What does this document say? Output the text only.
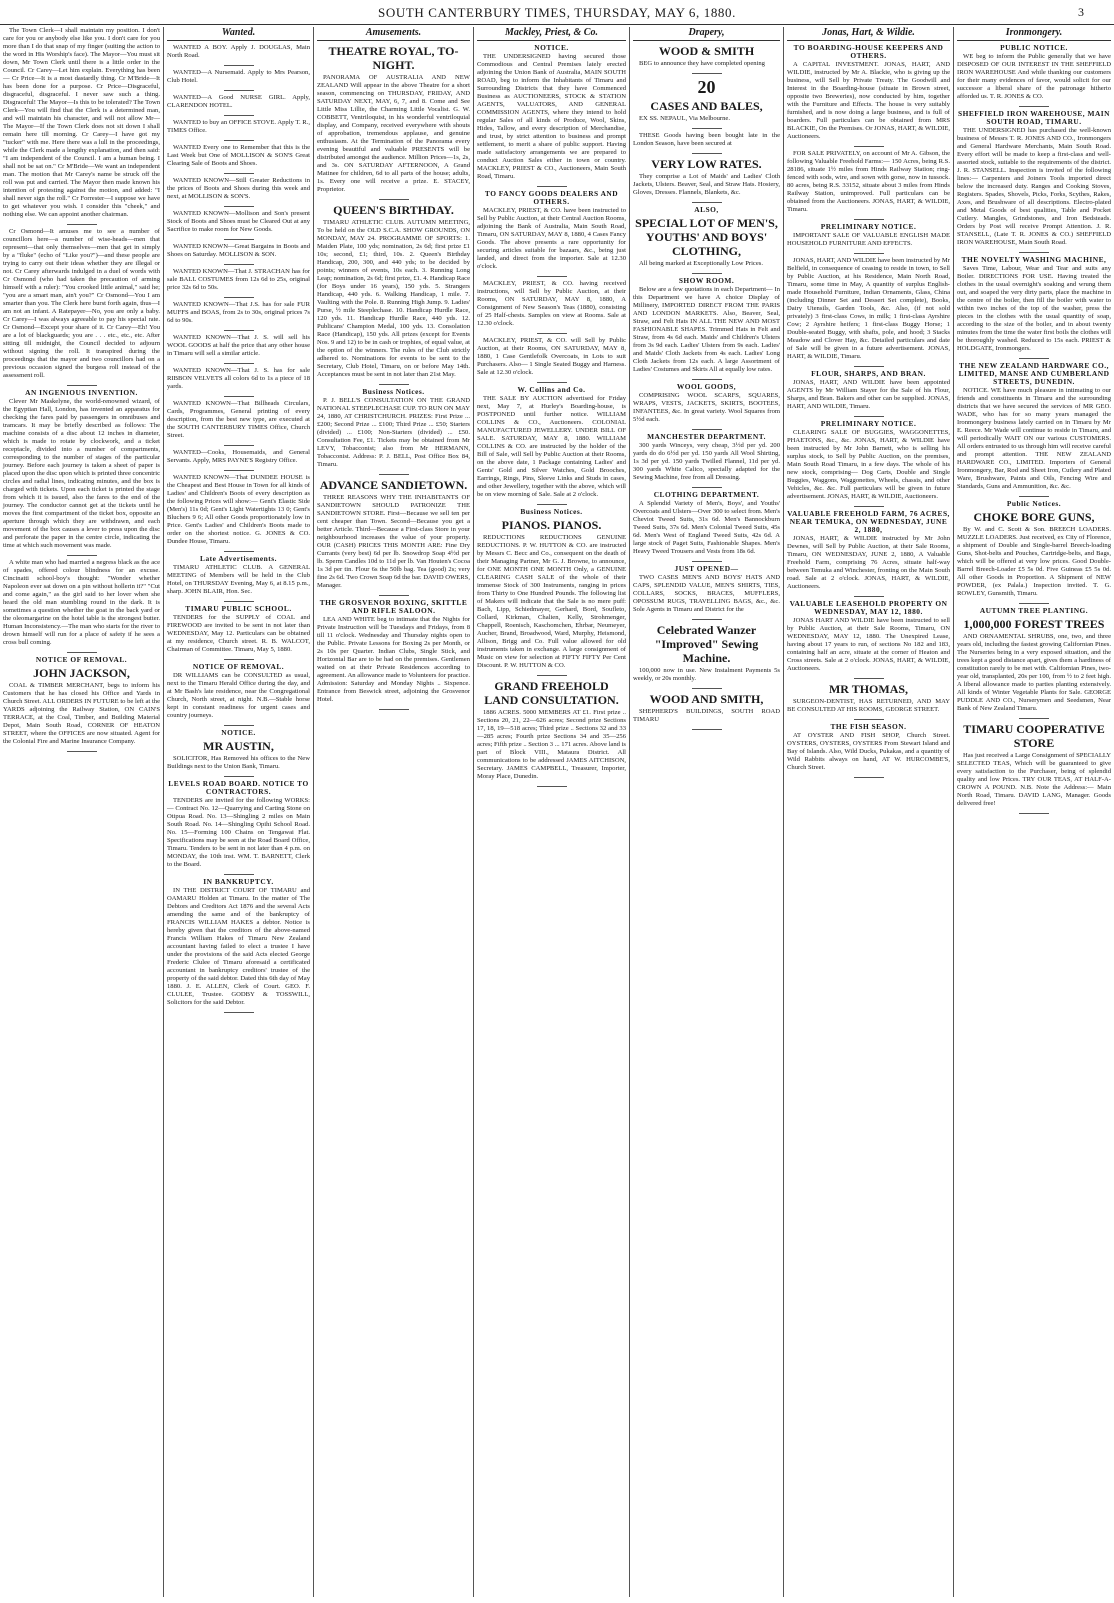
SOUTH CANTERBURY TIMES, THURSDAY, MAY 6, 1880.	3
The Town Clerk—I shall maintain my position. I don't care for you or anybody else like you. I don't care for you more than I do that snap of my finger (suiting the action to the word in His Worship's face). The Mayor—You must sit down, Mr Town Clerk until there is a little order in the Council. Cr Carey—Let him explain. Everything has been— Cr Price—It is a most dastardly thing. Cr M'Bride—It has been done for a purpose. Cr Price—Disgraceful, disgraceful, disgraceful. I never saw such a thing. Disgraceful! The Mayor—Is this to be tolerated? The Town Clerk—You will find that the Clerk is a determined man, and will maintain his character, and will not allow Mr— The Mayor—If the Town Clerk does not sit down I shall remain here till morning. Cr Carey—I have got my "tucker" with me. Here there was a lull in the proceedings, while the Clerk made a lengthy explanation, and then said: "I am independent of the Council. I am a human being. I shall not be sat on." Cr M'Bride—We want an independent man. The motion that Mr Carey's name be struck off the roll was put and carried. The Mayor then made known his intention of protesting against the motion, and added: "I shall never sign the roll." Cr Forrester—I suppose we have to get whatever you wish. I consider this "cheek," and nothing else. We can appoint another chairman.
Cr Osmond—It amuses me to see a number of councillors here—a number of wise-heads—men that represent—that only themselves—men that get in simply by a "fluke" (echo of "Like you?")—and these people are trying to carry out their ideas whether they are illegal or not. Cr Carey afterwards indulged in a duel of words with Cr Osmond (who had taken the precaution of arming himself with a ruler): "You crooked little animal," said he; "you are a smart man, ain't you?" Cr Osmond—You I am smarter than you. The Clerk here burst forth again, thus—I am not an infant. A Ratepayer—No, you are only a baby. Cr Carey—I was always agreeable to pay his special rate. Cr Osmond—Except your share of it. Cr Carey—Eh! You are a lot of blackguards; you are . . . etc., etc., etc. After sitting till midnight, the Council decided to adjourn without signing the roll. It transpired during the proceedings that the mayor and two councillors had on a previous occasion signed the burgess roll instead of the assessment roll.
AN INGENIOUS INVENTION.
Clever Mr Maskelyne, the world-renowned wizard, of the Egyptian Hall, London, has invented an apparatus for checking the fares paid by passengers in omnibuses and tramcars. It may be briefly described as follows: The machine consists of a disc about 12 inches in diameter, which is made to rotate by clockwork, and a ticket receptacle, divided into a number of compartments, corresponding to the number of stages of the particular journey. Before each journey is taken a sheet of paper is placed upon the disc upon which is printed three concentric circles and radial lines, indicating minutes, and the box is charged with tickets. Upon each ticket is printed the stage from which it is issued, also the fares to the end of the journey. The conductor cannot get at the tickets until he moves the first compartment of the ticket box, opposite an aperture through which they are withdrawn, and each movement of the box causes a lever to press upon the disc and perforate the paper in the centre circle, indicating the time at which such movement was made.
A white man who had married a negress black as the ace of spades, offered colour blindness for an excuse. Cincinatti school-boy's thought: "Wonder whether Napoleon ever sat down on a pin without hollerin it?" "Cut and come again," as the girl said to her lover when she heard the old man stumbling round in the dark. It is sometimes a question whether the goat in the back yard or the oleomargarine on the hotel table is the strongest butter. Human Inconsistency.—The man who starts for the river to drown himself will run for a place of safety if he sees a cross bull coming.
NOTICE OF REMOVAL.
JOHN JACKSON,
COAL & TIMBER MERCHANT, begs to inform his Customers that he has closed his Office and Yards in Church Street. ALL ORDERS IN FUTURE to be left at the YARDS adjoining the Railway Station, ON CAIN'S TERRACE, at the Coal, Timber, and Building Material Depot, Main South Road, CORNER OF HEATON STREET, where the OFFICES are now situated. Agent for the Colonial Fire and Marine Insurance Company.
Wanted.
WANTED A BOY. Apply J. DOUGLAS, Main North Road.
WANTED—A Nursemaid. Apply to Mrs Pearson, Club Hotel.
WANTED—A Good NURSE GIRL. Apply, CLARENDON HOTEL.
WANTED to buy an OFFICE STOVE. Apply T. R., TIMES Office.
WANTED Every one to Remember that this is the Last Week but One of MOLLISON & SON'S Great Clearing Sale of Boots and Shoes.
WANTED KNOWN—Still Greater Reductions in the prices of Boots and Shoes during this week and next, at MOLLISON & SON'S.
WANTED KNOWN—Mollison and Son's present Stock of Boots and Shoes must be Cleared Out at any Sacrifice to make room for New Goods.
WANTED KNOWN—Great Bargains in Boots and Shoes on Saturday. MOLLISON & SON.
WANTED KNOWN—That J. STRACHAN has for sale BALL COSTUMES from 12s 6d to 25s, original price 32s 6d to 50s.
WANTED KNOWN—That J.S. has for sale FUR MUFFS and BOAS, from 2s to 30s, original prices 7s 6d to 90s.
WANTED KNOWN—That J. S. will sell his WOOL GOODS at half the price that any other house in Timaru will sell a similar article.
WANTED KNOWN—That J. S. has for sale RIBBON VELVETS all colors 6d to 1s a piece of 18 yards.
WANTED KNOWN—That Billheads Circulars, Cards, Programmes, General printing of every description, from the best new type, are executed at the SOUTH CANTERBURY TIMES Office, Church Street.
WANTED—Cooks, Housemaids, and General Servants. Apply, MRS PAYNE'S Registry Office.
WANTED KNOWN—That DUNDEE HOUSE is the Cheapest and Best House in Town for all kinds of Ladies' and Children's Boots of every description as the following Prices will show:— Gent's Elastic Side (Men's) 11s 0d; Gent's Light Watertights 13 0; Gent's Bluchers 9 6; All other Goods proportionately low in Price. Gent's Ladies' and Children's Boots made to order on the shortest notice. G. JONES & CO. Dundee House, Timaru.
Late Advertisements.
TIMARU ATHLETIC CLUB. A GENERAL MEETING of Members will be held in the Club Hotel, on THURSDAY Evening, May 6, at 8.15 p.m., sharp. JOHN BLAIR, Hon. Sec.
TIMARU PUBLIC SCHOOL.
TENDERS for the SUPPLY of COAL and FIREWOOD are invited to be sent in not later than WEDNESDAY, May 12. Particulars can be obtained at my residence, Church street. R. B. WALCOT, Chairman of Committee. Timaru, May 5, 1880.
NOTICE OF REMOVAL.
DR WILLIAMS can be CONSULTED as usual, next to the Timaru Herald Office during the day, and at Mr Bash's late residence, near the Congregational Church, North street, at night. N.B.—Stable horse kept in constant readiness for urgent cases and country journeys.
NOTICE.
MR AUSTIN,
SOLICITOR, Has Removed his offices to the New Buildings next to the Union Bank, Timaru.
LEVELS ROAD BOARD. NOTICE TO CONTRACTORS.
TENDERS are invited for the following WORKS:— Contract No. 12—Quarrying and Carting Stone on Otipua Road. No. 13—Shingling 2 miles on Main South Road. No. 14—Shingling Opihi School Road. No. 15—Forming 100 Chains on Tengawai Flat. Specifications may be seen at the Road Board Office, Timaru. Tenders to be sent in not later than 4 p.m. on MONDAY, the 10th inst. WM. T. BARNETT, Clerk to the Board.
IN BANKRUPTCY.
IN THE DISTRICT COURT OF TIMARU and OAMARU Holden at Timaru. In the matter of The Debtors and Creditors Act 1876 and the several Acts amending the same and of the bankruptcy of FRANCIS WILLIAM HAKES a debtor. Notice is hereby given that the creditors of the above-named Francis William Hakes of Timaru New Zealand accountant having failed to elect a trustee I have under the provisions of the said Acts elected George Frederic Clulee of Timaru aforesaid a certificated accountant in bankruptcy creditors' trustee of the property of the said debtor. Dated this 6th day of May 1880. J. E. ALLEN, Clerk of Court. GEO. F. CLULEE, Trustee. GODBY & TOSSWILL, Solicitors for the said Debtor.
Amusements.
THEATRE ROYAL, TO-NIGHT.
PANORAMA OF AUSTRALIA AND NEW ZEALAND Will appear in the above Theatre for a short season, commencing on THURSDAY, FRIDAY, AND SATURDAY NEXT, MAY, 6, 7, and 8. Come and See Little Miss Lillie, the Charming Little Vocalist. G. W. COBBETT, Ventriloquist, in his wonderful ventriloquial display, and Company, received everywhere with shouts of approbation, tremendous applause, and genuine enthusiasm. At the Termination of the Panorama every evening beautiful and valuable PRESENTS will be distributed amongst the audience. Million Prices—1s, 2s, and 3s. ON SATURDAY AFTERNOON, A Grand Matinee for children, 6d to all parts of the house; adults, 1s. Every one will receive a prize. E. STACEY, Proprietor.
QUEEN'S BIRTHDAY.
TIMARU ATHLETIC CLUB. AUTUMN MEETING, To be held on the OLD S.C.A. SHOW GROUNDS, ON MONDAY, MAY 24. PROGRAMME OF SPORTS: 1. Maiden Plate, 100 yds; nomination, 2s 6d; first prize £1 10s; second, £1; third, 10s. 2. Queen's Birthday Handicap, 200, 300, and 440 yds; to be decided by points; winners of events, 10s each. 3. Running Long Leap; nomination, 2s 6d; first prize, £1. 4. Handicap Race (for Boys under 16 years), 150 yds. 5. Strangers Handicap, 440 yds. 6. Walking Handicap, 1 mile. 7. Vaulting with the Pole. 8. Running High Jump. 9. Ladies' Purse, ½ mile Steeplechase. 10. Handicap Hurdle Race, 120 yds. 11. Handicap Hurdle Race, 440 yds. 12. Publicans' Champion Medal, 100 yds. 13. Consolation Race (Handicap), 150 yds. All prizes (except for Events Nos. 9 and 12) to be in cash or trophies, of equal value, at the option of the winners. The rules of the Club strictly adhered to. Nominations for events to be sent to the Secretary, Club Hotel, Timaru, on or before May 14th. Acceptances must be sent in not later than 21st May.
Business Notices.
P. J. BELL'S CONSULTATION ON THE GRAND NATIONAL STEEPLECHASE CUP. TO RUN ON MAY 24, 1880, AT CHRISTCHURCH. PRIZES: First Prize ... £200; Second Prize ... £100; Third Prize ... £50; Starters (divided) ... £100; Non-Starters (divided) ... £50. Consultation Fee, £1. Tickets may be obtained from Mr LEVY, Tobacconist; also from Mr HERMANN, Tobacconist. Address: P. J. BELL, Post Office Box 84, Timaru.
ADVANCE SANDIETOWN.
THREE REASONS WHY THE INHABITANTS OF SANDIETOWN SHOULD PATRONIZE THE SANDIETOWN STORE. First—Because we sell ten per cent cheaper than Town. Second—Because you get a better Article. Third—Because a First-class Store in your neighbourhood increases the value of your property. OUR (CASH) PRICES THIS MONTH ARE: Fine Dry Currants (very best) 6d per lb. Snowdrop Soap 4½d per lb. Sperm Candles 10d to 11d per lb. Van Houten's Cocoa 1s 3d per tin. Flour 6s the 50lb bag. Tea (good) 2s; very fine 2s 6d. Two Crown Soap 6d the bar. DAVID OWERS, Manager.
THE GROSVENOR BOXING, SKITTLE AND RIFLE SALOON.
LEA AND WHITE beg to intimate that the Nights for Private Instruction will be Tuesdays and Fridays, from 8 till 11 o'clock. Wednesday and Thursday nights open to the Public. Private Lessons for Boxing 2s per Month, or 2s 10s per Quarter. Indian Clubs, Single Stick, and Horizontal Bar are to be had on the premises. Gentlemen waited on at their Private Residences according to agreement. An allowance made to Volunteers for practice. Admission: Saturday and Monday Nights .. Sixpence. Entrance from Beswick street, adjoining the Grosvenor Hotel.
Mackley, Priest, & Co.
NOTICE.
THE UNDERSIGNED having secured those Commodious and Central Premises lately erected adjoining the Union Bank of Australia, MAIN SOUTH ROAD, beg to inform the Inhabitants of Timaru and Surrounding Districts that they have Commenced Business as AUCTIONEERS, STOCK & STATION AGENTS, VALUATORS, AND GENERAL COMMISSION AGENTS, where they intend to hold regular Sales of all kinds of Produce, Wool, Skins, Hides, Tallow, and every description of Merchandise, and trust, by strict attention to business and prompt settlement, to merit a share of public support. Having made satisfactory arrangements we are prepared to conduct Auction Sales either in town or country. MACKLEY, PRIEST & CO., Auctioneers, Main South Road, Timaru.
TO FANCY GOODS DEALERS AND OTHERS.
MACKLEY, PRIEST, & CO. have been instructed to Sell by Public Auction, at their Central Auction Rooms, adjoining the Bank of Australia, Main South Road, Timaru, ON SATURDAY, MAY 8, 1880, 4 Cases Fancy Goods. The above presents a rare opportunity for securing articles suitable for bazaars, &c., being just landed, and direct from the importer. Sale at 12.30 o'clock.
MACKLEY, PRIEST, & CO. having received instructions, will Sell by Public Auction, at their Rooms, ON SATURDAY, MAY 8, 1880, A Consignment of New Season's Teas (1880), consisting of 25 Half-chests. Samples on view at Rooms. Sale at 12.30 o'clock.
MACKLEY, PRIEST, & CO. will Sell by Public Auction, at their Rooms, ON SATURDAY, MAY 8, 1880, 1 Case Gentlefolk Overcoats, in Lots to suit Purchasers. Also— 1 Single Seated Buggy and Harness. Sale at 12.30 o'clock.
W. Collins and Co.
THE SALE BY AUCTION advertised for Friday next, May 7, at Hurley's Boarding-house, is POSTPONED until further notice. WILLIAM COLLINS & CO., Auctioneers. COLONIAL MANUFACTURED JEWELLERY. UNDER BILL OF SALE. SATURDAY, MAY 8, 1880. WILLIAM COLLINS & CO. are instructed by the holder of the Bill of Sale, will Sell by Public Auction at their Rooms, on the above date, 1 Package containing Ladies' and Gents' Gold and Silver Watches, Gold Brooches, Earrings, Rings, Pins, Sleeve Links and Studs in cases, and other Jewellery, together with the above, which will be on view morning of Sale. Sale at 2 o'clock.
Business Notices.
PIANOS. PIANOS.
REDUCTIONS REDUCTIONS GENUINE REDUCTIONS. P. W. HUTTON & CO. are instructed by Messrs C. Becc and Co., consequent on the death of their Managing Partner, Mr G. J. Browne, to announce, for ONE MONTH ONE MONTH Only, a GENUINE CLEARING CASH SALE of the whole of their immense Stock of 300 Instruments, ranging in prices from Thirty to One Hundred Pounds. The following list of Makers will indicate that the Sale is no mere puff: Bach, Lipp, Schiedmayer, Gerhard, Bord, Soufleto, Collard, Kirkman, Chalien, Kelly, Strohmenger, Chappell, Roenisch, Kaschomchen, Ehrbar, Neumeyer, Aucher, Brand, Broadwood, Ward, Murphy, Heismond, Allison, Brigg and Co. Full value allowed for old instruments taken in exchange. A large consignment of Music on view for selection at FIFTY FIFTY Per Cent Discount. P. W. HUTTON & CO.
GRAND FREEHOLD LAND CONSULTATION.
1886 ACRES. 5000 MEMBERS AT £1. First prize .. Sections 20, 21, 22—626 acres; Second prize Sections 17, 18, 19—518 acres; Third prize .. Sections 32 and 33—285 acres; Fourth prize Sections 34 and 35—256 acres; Fifth prize .. Section 3 ... 171 acres. Above land is part of Block VIII., Mataura District. All communications to be addressed JAMES AITCHISON, Secretary. JAMES CAMPBELL, Treasurer, Importer, Moray Place, Dunedin.
Drapery,
WOOD & SMITH
BEG to announce they have completed opening
20
CASES AND BALES,
EX SS. NEPAUL, Via Melbourne.
THESE Goods having been bought late in the London Season, have been secured at
VERY LOW RATES.
They comprise a Lot of Maids' and Ladies' Cloth Jackets, Ulsters. Beaver, Seal, and Straw Hats. Hosiery, Gloves, Dresses. Flannels, Blankets, &c.
ALSO,
SPECIAL LOT OF MEN'S, YOUTHS' AND BOYS' CLOTHING,
All being marked at Exceptionally Low Prices.
SHOW ROOM.
Below are a few quotations in each Department— In this Department we have A choice Display of Millinery, IMPORTED DIRECT FROM THE PARIS AND LONDON MARKETS. Also, Beaver, Seal, Straw, and Felt Hats IN ALL THE NEW AND MOST FASHIONABLE SHAPES. Trimmed Hats in Felt and Straw, from 4s 6d each. Maids' and Children's Ulsters from 3s 9d each. Ladies' Ulsters from 9s each. Ladies' and Maids' Cloth Jackets from 4s each. Ladies' Long Cloth Jackets from 12s each. A large Assortment of Ladies' Costumes and Skirts All at equally low rates.
WOOL GOODS,
COMPRISING WOOL SCARFS, SQUARES, WRAPS, VESTS, JACKETS, SKIRTS, BOOTEES, INFANTEES, &c. In great variety. Wool Squares from 5½d each.
MANCHESTER DEPARTMENT.
300 yards Winceys, very cheap, 3½d per yd. 200 yards do do 6½d per yd. 150 yards All Wool Shirting, 1s 3d per yd. 150 yards Twilled Flannel, 11d per yd. 300 yards White Calico, specially adapted for the Sewing Machine, free from all Dressing.
CLOTHING DEPARTMENT.
A Splendid Variety of Men's, Boys', and Youths' Overcoats and Ulsters—Over 300 to select from. Men's Cheviot Tweed Suits, 31s 6d. Men's Bannockburn Tweed Suits, 37s 6d. Men's Colonial Tweed Suits, 45s 6d. Men's West of England Tweed Suits, 42s 6d. A large stock of Paget Suits, Fashionable Shapes. Men's Heavy Tweed Trousers and Vests from 18s 6d.
JUST OPENED—
TWO CASES MEN'S AND BOYS' HATS AND CAPS, SPLENDID VALUE, MEN'S SHIRTS, TIES, COLLARS, SOCKS, BRACES, MUFFLERS, OPOSSUM RUGS, TRAVELLING BAGS, &c., &c. Sole Agents in Timaru and District for the
Celebrated Wanzer "Improved" Sewing Machine.
100,000 now in use. New Instalment Payments 5s weekly, or 20s monthly.
WOOD AND SMITH,
SHEPHERD'S BUILDINGS, SOUTH ROAD TIMARU
Jonas, Hart, & Wildie.
TO BOARDING-HOUSE KEEPERS AND OTHERS.
A CAPITAL INVESTMENT. JONAS, HART, AND WILDIE, instructed by Mr A. Blackie, who is giving up the business, will Sell by Private Treaty. The Goodwill and Interest in the Boarding-house (situate in Brown street, opposite two Breweries), now conducted by him, together with the Furniture and Effects. The house is very suitably furnished, and is now doing a large business, and is full of boarders. Full particulars can be obtained from MRS BLACKIE, On the Premises. Or JONAS, HART, & WILDIE, Auctioneers.
FOR SALE PRIVATELY, on account of Mr A. Gibson, the following Valuable Freehold Farms:— 150 Acres, being R.S. 28186, situate 1½ miles from Hinds Railway Station; ring-fenced with sods, wire, and sown with gorse, now in tussock. 80 acres, being R.S. 33152, situate about 3 miles from Hinds Railway Station, unimproved. Full particulars can be obtained from the Auctioneers. JONAS, HART, & WILDIE, Timaru.
PRELIMINARY NOTICE.
IMPORTANT SALE OF VALUABLE ENGLISH MADE HOUSEHOLD FURNITURE AND EFFECTS.
JONAS, HART, AND WILDIE have been instructed by Mr Belfield, in consequence of ceasing to reside in town, to Sell by Public Auction, at his Residence, Main North Road, Timaru, some time in May, A quantity of surplus English-made Household Furniture, Indian Ornaments, Glass, China (including Dinner Set and Dessert Set complete), Books, Dairy Utensils, Garden Tools, &c. Also, (if not sold privately) 3 first-class Cows, in milk; 1 first-class Ayrshire Cow; 2 Ayrshire heifers; 1 first-class Buggy Horse; 1 Double-seated Buggy, with shafts, pole, and hood; 3 Stacks Meadow and Clover Hay, &c. Detailed particulars and date of Sale will be given in a future advertisement. JONAS, HART, & WILDIE, Timaru.
FLOUR, SHARPS, AND BRAN.
JONAS, HART, AND WILDIE have been appointed AGENTS by Mr William Stayer for the Sale of his Flour, Sharps, and Bran. Bakers and other can be supplied. JONAS, HART, AND WILDIE, Timaru.
PRELIMINARY NOTICE.
CLEARING SALE OF BUGGIES, WAGGONETTES, PHAETONS, &c., &c. JONAS, HART, & WILDIE have been instructed by Mr John Barnett, who is selling his surplus stock, to Sell by Public Auction, on the premises, Main South Road Timaru, in a few days. The whole of his new stock, comprising— Dog Carts, Double and Single Buggies, Waggons, Waggonettes, Wheels, chassis, and other Vehicles, &c. &c. Full particulars will be given in future advertisement. JONAS, HART, & WILDIE, Auctioneers.
VALUABLE FREEHOLD FARM, 76 ACRES, NEAR TEMUKA, ON WEDNESDAY, JUNE 2, 1880,
JONAS, HART, & WILDIE instructed by Mr John Dewnes, will Sell by Public Auction, at their Sale Rooms, Timaru, ON WEDNESDAY, JUNE 2, 1880, A Valuable Freehold Farm, comprising 76 Acres, situate half-way between Temuka and Winchester, fronting on the Main South road. Sale at 2 o'clock. JONAS, HART, & WILDIE, Auctioneers.
VALUABLE LEASEHOLD PROPERTY ON WEDNESDAY, MAY 12, 1880.
JONAS HART AND WILDIE have been instructed to sell by Public Auction, at their Sale Rooms, Timaru, ON WEDNESDAY, MAY 12, 1880. The Unexpired Lease, having about 17 years to run, of sections No 182 and 183, containing half an acre, situate at the corner of Heaton and Cross streets. Sale at 2 o'clock. JONAS, HART, & WILDIE, Auctioneers.
MR THOMAS,
SURGEON-DENTIST, HAS RETURNED, AND MAY BE CONSULTED AT HIS ROOMS, GEORGE STREET.
THE FISH SEASON.
AT OYSTER AND FISH SHOP, Church Street. OYSTERS, OYSTERS, OYSTERS From Stewart Island and Bay of Islands. Also, Wild Ducks, Pukakas, and a quantity of Wild Rabbits always on hand, AT W. HURCOMBE'S, Church Street.
Ironmongery.
PUBLIC NOTICE.
WE beg to inform the Public generally that we have DISPOSED OF OUR INTEREST IN THE SHEFFIELD IRON WAREHOUSE And while thanking our customers for their many evidences of favor, would solicit for our successor a liberal share of the patronage hitherto afforded us. T. R. JONES & CO.
SHEFFIELD IRON WAREHOUSE, MAIN SOUTH ROAD, TIMARU.
THE UNDERSIGNED has purchased the well-known business of Messrs T. R. JONES AND CO., Ironmongers and General Hardware Merchants, Main South Road. Every effort will be made to keep a first-class and well-assorted stock, suitable to the requirements of the district. J. R. STANSELL. Inspection is invited of the following lines:— Carpenters and Joiners Tools imported direct below the increased duty. Ranges and Cooking Stoves, Registers. Spades, Shovels, Picks, Forks, Scythes, Rakes, Axes, and Brushware of all descriptions. Electro-plated and Metal Goods of best qualities, Table and Pocket Cutlery. Mangles, Grindstones, and Iron Bedsteads. Orders by Post will receive Prompt Attention. J. R. STANSELL, (Late T. R. JONES & CO.) SHEFFIELD IRON WAREHOUSE, Main South Road.
THE NOVELTY WASHING MACHINE,
Saves Time, Labour, Wear and Tear and suits any Boiler. DIRECTIONS FOR USE. Having treated the clothes in the usual overnight's soaking and wrung them out, and soaped the very dirty parts, place the machine in the centre of the boiler, then fill the boiler with water to within two inches of the top of the washer, press the pieces in the clothes with the usual quantity of soap, according to the size of the boiler, and in about twenty minutes from the time the water first boils the clothes will be thoroughly washed. Reduced to 15s each. PRIEST & HOLDGATE, Ironmongers.
THE NEW ZEALAND HARDWARE CO., LIMITED, MANSE AND CUMBERLAND STREETS, DUNEDIN.
NOTICE. WE have much pleasure in intimating to our friends and constituents in Timaru and the surrounding districts that we have secured the services of MR GEO. WADE, who has for so many years managed the Ironmongery business lately carried on in Timaru by Mr E. Reece. Mr Wade will continue to reside in Timaru, and will periodically WAIT ON our various CUSTOMERS. All orders entrusted to us through him will receive careful and prompt attention. THE NEW ZEALAND HARDWARE CO., LIMITED. Importers of General Ironmongery, Bar, Rod and Sheet Iron, Cutlery and Plated Ware, Brushware, Paints and Oils, Fencing Wire and Standards, Guns and Ammunition, &c. &c.
Public Notices.
CHOKE BORE GUNS,
By W. and C. Scott & Son. BREECH LOADERS. MUZZLE LOADERS. Just received, ex City of Florence, a shipment of Double and Single-barrel Breech-loading Guns, Shot-belts and Pouches, Cartridge-belts, and Bags, which will be offered at very low prices. Good Double-Barrel Breech-Loader £5 5s 0d. Five Guineas £5 5s 0d. All other Goods in Proportion. A Shipment of NEW POWDER, (ex Palala.) Inspection invited. T. G. ROWLEY, Gunsmith, Timaru.
AUTUMN TREE PLANTING.
1,000,000 FOREST TREES
AND ORNAMENTAL SHRUBS, one, two, and three years old, including the fastest growing Californian Pines. The Nurseries being in a very exposed situation, and the trees kept a good distance apart, gives them a hardiness of constitution rarely to be met with. Californian Pines, two-year old, transplanted, 20s per 100, from ½ to 2 feet high. A liberal allowance made to parties planting extensively. All kinds of Winter Vegetable Plants for Sale. GEORGE PUDDLE AND CO., Nurserymen and Seedsmen, Near Bank of New Zealand Timaru.
TIMARU COOPERATIVE STORE
Has just received a Large Consignment of SPECIALLY SELECTED TEAS, Which will be guaranteed to give every satisfaction to the Purchaser, being of splendid quality and low Prices. TRY OUR TEAS, AT HALF-A-CROWN A POUND. N.B. Note the Address:— Main North Road, Timaru. DAVID LANG, Manager. Goods delivered free!
